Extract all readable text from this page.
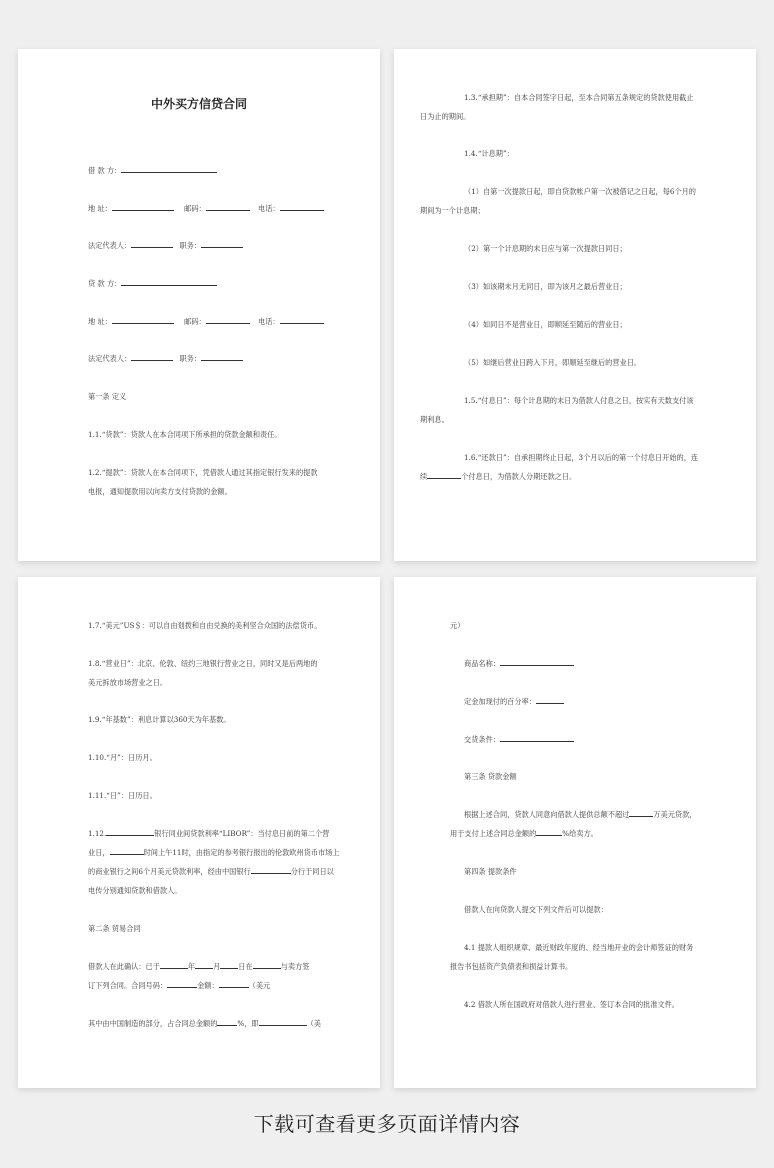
中外买方信贷合同
借 款 方：
地 址：	邮码：	电话：
法定代表人：	职务：
贷 款 方：
地 址：	邮码：	电话：
法定代表人：	职务：
第一条 定义
1.1.“贷款”：贷款人在本合同项下所承担的贷款金额和责任。
1.2.“提款”：贷款人在本合同项下，凭借款人通过其指定银行发来的提款
电报，通知提款用以向卖方支付贷款的金额。
1.3.“承担期”：自本合同签字日起，至本合同第五条规定的贷款使用截止
日为止的期间。
1.4.“计息期”：
（1）自第一次提款日起，即自贷款帐户第一次被借记之日起，每6个月的
期间为一个计息期；
（2）第一个计息期的末日应与第一次提款日同日；
（3）如该期末月无同日，即为该月之最后营业日；
（4）如同日不是营业日，即顺延至随后的营业日；
（5）如继后营业日跨入下月，即顺延至继后的营业日。
1.5.“付息日”：每个计息期的末日为借款人付息之日，按实有天数支付该
期利息。
1.6.“还款日”：自承担期终止日起，3个月以后的第一个付息日开始的，连
续	个付息日，为借款人分期还款之日。
1.7.“美元”US＄：可以自由划拨和自由兑换的美利坚合众国的法偿货币。
1.8.“营业日”：北京、伦敦、纽约三地银行营业之日，同时又是后两地的
美元拆放市场营业之日。
1.9.“年基数”：利息计算以360天为年基数。
1.10.“月”：日历月。
1.11.“日”：日历日。
1.12.	银行同业间贷款利率“LIBOR”：当付息日前的第二个营
业日，	时间上午11时，由指定的参考银行报出的伦敦欧州货币市场上
的商业银行之间6个月美元贷款利率，经由中国银行	分行于同日以
电传分别通知贷款和借款人。
第二条 贸易合同
借款人在此确认：已于	年	月	日在	与卖方签
订下列合同。合同号码：	金额：	（美元
其中由中国制造的部分，占合同总金额的	%，即	（美
元）
商品名称：
定金加现付的百分率：
交货条件：
第三条 贷款金额
根据上述合同，贷款人同意向借款人提供总额不超过	万美元贷款，
用于支付上述合同总金额的	%给卖方。
第四条 提款条件
借款人在向贷款人提交下列文件后可以提款：
4.1 提款人组织规章、最近财政年度的、经当地开业的会计师签证的财务
报告书包括资产负债表和损益计算书。
4.2 借款人所在国政府对借款人进行营业、签订本合同的批准文件。
下载可查看更多页面详情内容
